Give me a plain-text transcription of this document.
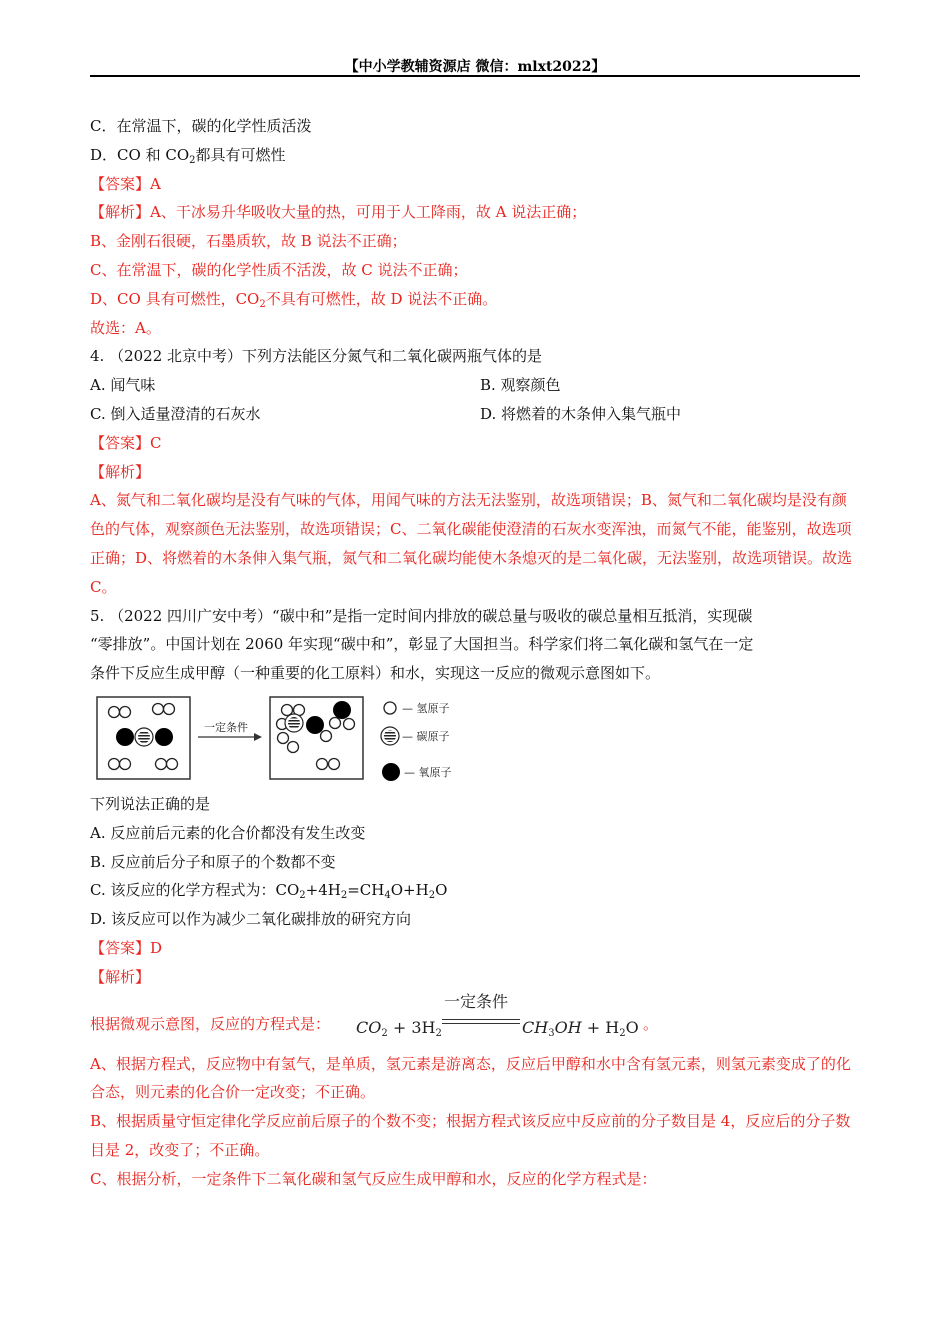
【中小学教辅资源店 微信：mlxt2022】
C．在常温下，碳的化学性质活泼
D．CO 和 $CO_2$都具有可燃性
【答案】A
【解析】A、干冰易升华吸收大量的热，可用于人工降雨，故 A 说法正确；
B、金刚石很硬，石墨质软，故 B 说法不正确；
C、在常温下，碳的化学性质不活泼，故 C 说法不正确；
D、CO 具有可燃性，$CO_2$不具有可燃性，故 D 说法不正确。
故选：A。
4. （2022 北京中考）下列方法能区分氮气和二氧化碳两瓶气体的是
A. 闻气味	B. 观察颜色
C. 倒入适量澄清的石灰水	D. 将燃着的木条伸入集气瓶中
【答案】C
【解析】
A、氮气和二氧化碳均是没有气味的气体，用闻气味的方法无法鉴别，故选项错误；B、氮气和二氧化碳均是没有颜色的气体，观察颜色无法鉴别，故选项错误；C、二氧化碳能使澄清的石灰水变浑浊，而氮气不能，能鉴别，故选项正确；D、将燃着的木条伸入集气瓶，氮气和二氧化碳均能使木条熄灭的是二氧化碳，无法鉴别，故选项错误。故选 C。
5. （2022 四川广安中考）“碳中和”是指一定时间内排放的碳总量与吸收的碳总量相互抵消，实现碳
“零排放”。中国计划在 2060 年实现“碳中和”，彰显了大国担当。科学家们将二氧化碳和氢气在一定
条件下反应生成甲醇（一种重要的化工原料）和水，实现这一反应的微观示意图如下。
一定条件
— 氢原子
— 碳原子
— 氧原子
下列说法正确的是
A. 反应前后元素的化合价都没有发生改变
B. 反应前后分子和原子的个数都不变
C. 该反应的化学方程式为：$CO_2+4H_2=CH_4O+H_2O$
D. 该反应可以作为减少二氧化碳排放的研究方向
【答案】D
【解析】
根据微观示意图，反应的方程式是： $CO_2 + 3H_2$
一定条件
$CH_3OH + H_2O$ 。
A、根据方程式，反应物中有氢气，是单质，氢元素是游离态，反应后甲醇和水中含有氢元素，则氢元素变成了的化合态，则元素的化合价一定改变；不正确。
B、根据质量守恒定律化学反应前后原子的个数不变；根据方程式该反应中反应前的分子数目是 4，反应后的分子数目是 2，改变了；不正确。
C、根据分析，一定条件下二氧化碳和氢气反应生成甲醇和水，反应的化学方程式是：
